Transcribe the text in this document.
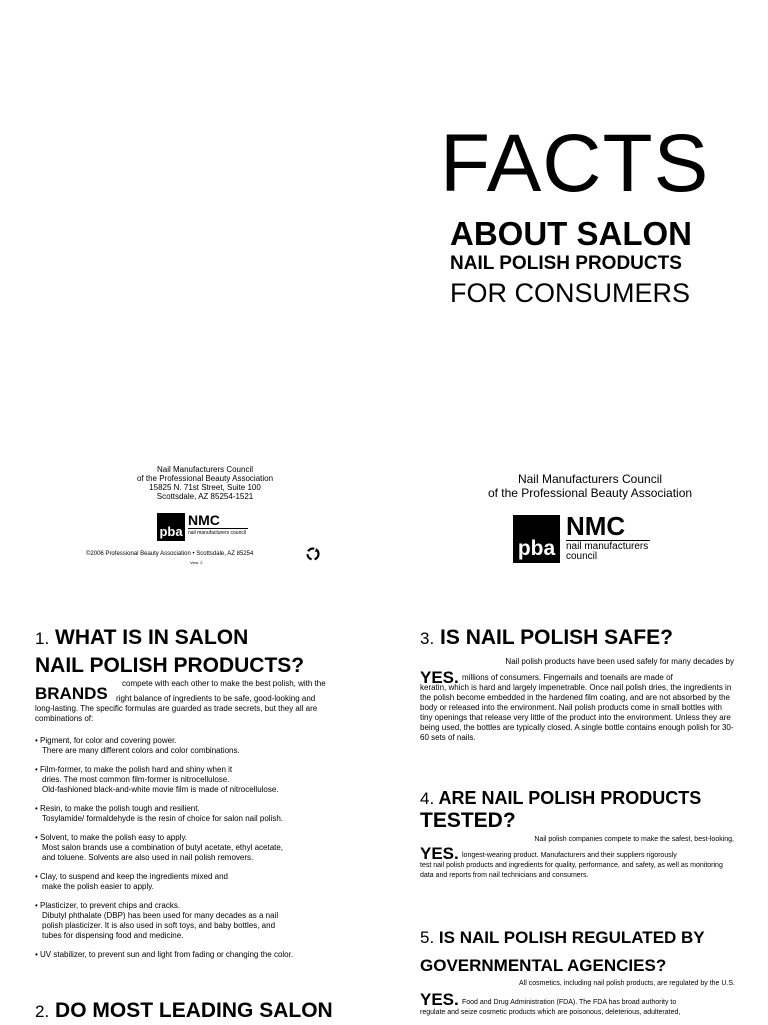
FACTS
ABOUT SALON
NAIL POLISH PRODUCTS
FOR CONSUMERS
Nail Manufacturers Council
of the Professional Beauty Association
15825 N. 71st Street, Suite 100
Scottsdale, AZ 85254-1521
pba
NMC
nail manufacturers council
©2006 Professional Beauty Association • Scottsdale, AZ 85254
Vers. 2
Nail Manufacturers Council
of the Professional Beauty Association
pba
NMC
nail manufacturers
council
1. WHAT IS IN SALON
NAIL POLISH PRODUCTS?
BRANDS
compete with each other to make the best polish, with the
right balance of ingredients to be safe, good-looking and
long-lasting. The specific formulas are guarded as trade secrets, but they all are combinations of:
• Pigment, for color and covering power.
There are many different colors and color combinations.
• Film-former, to make the polish hard and shiny when it
dries. The most common film-former is nitrocellulose.
Old-fashioned black-and-white movie film is made of nitrocellulose.
• Resin, to make the polish tough and resilient.
Tosylamide/ formaldehyde is the resin of choice for salon nail polish.
• Solvent, to make the polish easy to apply.
Most salon brands use a combination of butyl acetate, ethyl acetate,
and toluene. Solvents are also used in nail polish removers.
• Clay, to suspend and keep the ingredients mixed and
make the polish easier to apply.
• Plasticizer, to prevent chips and cracks.
Dibutyl phthalate (DBP) has been used for many decades as a nail
polish plasticizer. It is also used in soft toys, and baby bottles, and
tubes for dispensing food and medicine.
• UV stabilizer, to prevent sun and light from fading or changing the color.
2. DO MOST LEADING SALON
3. IS NAIL POLISH SAFE?
Nail polish products have been used safely for many decades by
YES. millions of consumers. Fingernails and toenails are made of
keratin, which is hard and largely impenetrable. Once nail polish dries, the ingredients in the polish become embedded in the hardened film coating, and are not absorbed by the body or released into the environment. Nail polish products come in small bottles with tiny openings that release very little of the product into the environment. Unless they are being used, the bottles are typically closed. A single bottle contains enough polish for 30-60 sets of nails.
4. ARE NAIL POLISH PRODUCTS
TESTED?
Nail polish companies compete to make the safest, best-looking,
YES. longest-wearing product. Manufacturers and their suppliers rigorously
test nail polish products and ingredients for quality, performance, and safety, as well as monitoring data and reports from nail technicians and consumers.
5. IS NAIL POLISH REGULATED BY
GOVERNMENTAL AGENCIES?
All cosmetics, including nail polish products, are regulated by the U.S.
YES. Food and Drug Administration (FDA). The FDA has broad authority to
regulate and seize cosmetic products which are poisonous, deleterious, adulterated,
